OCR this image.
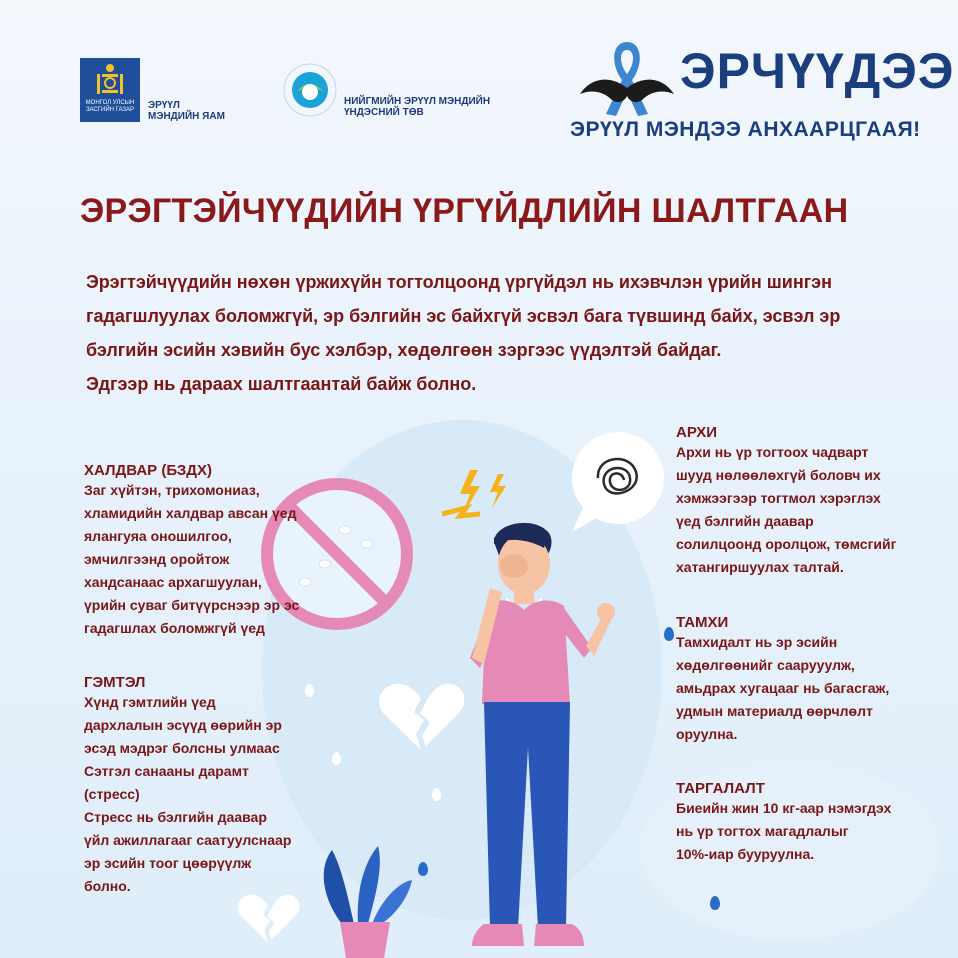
МОНГОЛ УЛСЫН ЗАСГИЙН ГАЗАР ЭРҮҮЛ
МЭНДИЙН ЯАМ
НИЙГМИЙН ЭРҮҮЛ МЭНДИЙН
ҮНДЭСНИЙ ТӨВ
ЭРЧҮҮДЭЭ
ЭРҮҮЛ МЭНДЭЭ АНХААРЦГААЯ!
ЭРЭГТЭЙЧҮҮДИЙН ҮРГҮЙДЛИЙН ШАЛТГААН

Эрэгтэйчүүдийн нөхөн үржихүйн тогтолцоонд үргүйдэл нь ихэвчлэн үрийн шингэн

гадагшлуулах боломжгүй, эр бэлгийн эс байхгүй эсвэл бага түвшинд байх, эсвэл эр

бэлгийн эсийн хэвийн бус хэлбэр, хөдөлгөөн зэргээс үүдэлтэй байдаг.

Эдгээр нь дараах шалтгаантай байж болно.

ХАЛДВАР (БЗДХ)
Заг хүйтэн, трихомониаз,
хламидийн халдвар авсан үед
ялангуяа оношилгоо,
эмчилгээнд оройтож
хандсанаас архагшуулан,
үрийн суваг битүүрснээр эр эс
гадагшлах боломжгүй үед
ГЭМТЭЛ
Хүнд гэмтлийн үед
дархлалын эсүүд өөрийн эр
эсэд мэдрэг болсны улмаас
Сэтгэл санааны дарамт
(стресс)
Стресс нь бэлгийн даавар
үйл ажиллагааг саатуулснаар
эр эсийн тоог цөөрүүлж
болно.
АРХИ
Архи нь үр тогтоох чадварт
шууд нөлөөлөхгүй боловч их
хэмжээгээр тогтмол хэрэглэх
үед бэлгийн даавар
солилцоонд оролцож, төмсгийг
хатангиршуулах талтай.
ТАМХИ
Тамхидалт нь эр эсийн
хөдөлгөөнийг саарууулж,
амьдрах хугацааг нь багасгаж,
удмын материалд өөрчлөлт
оруулна.
ТАРГАЛАЛТ
Биеийн жин 10 кг-аар нэмэгдэх
нь үр тогтох магадлалыг
10%-иар бууруулна.
